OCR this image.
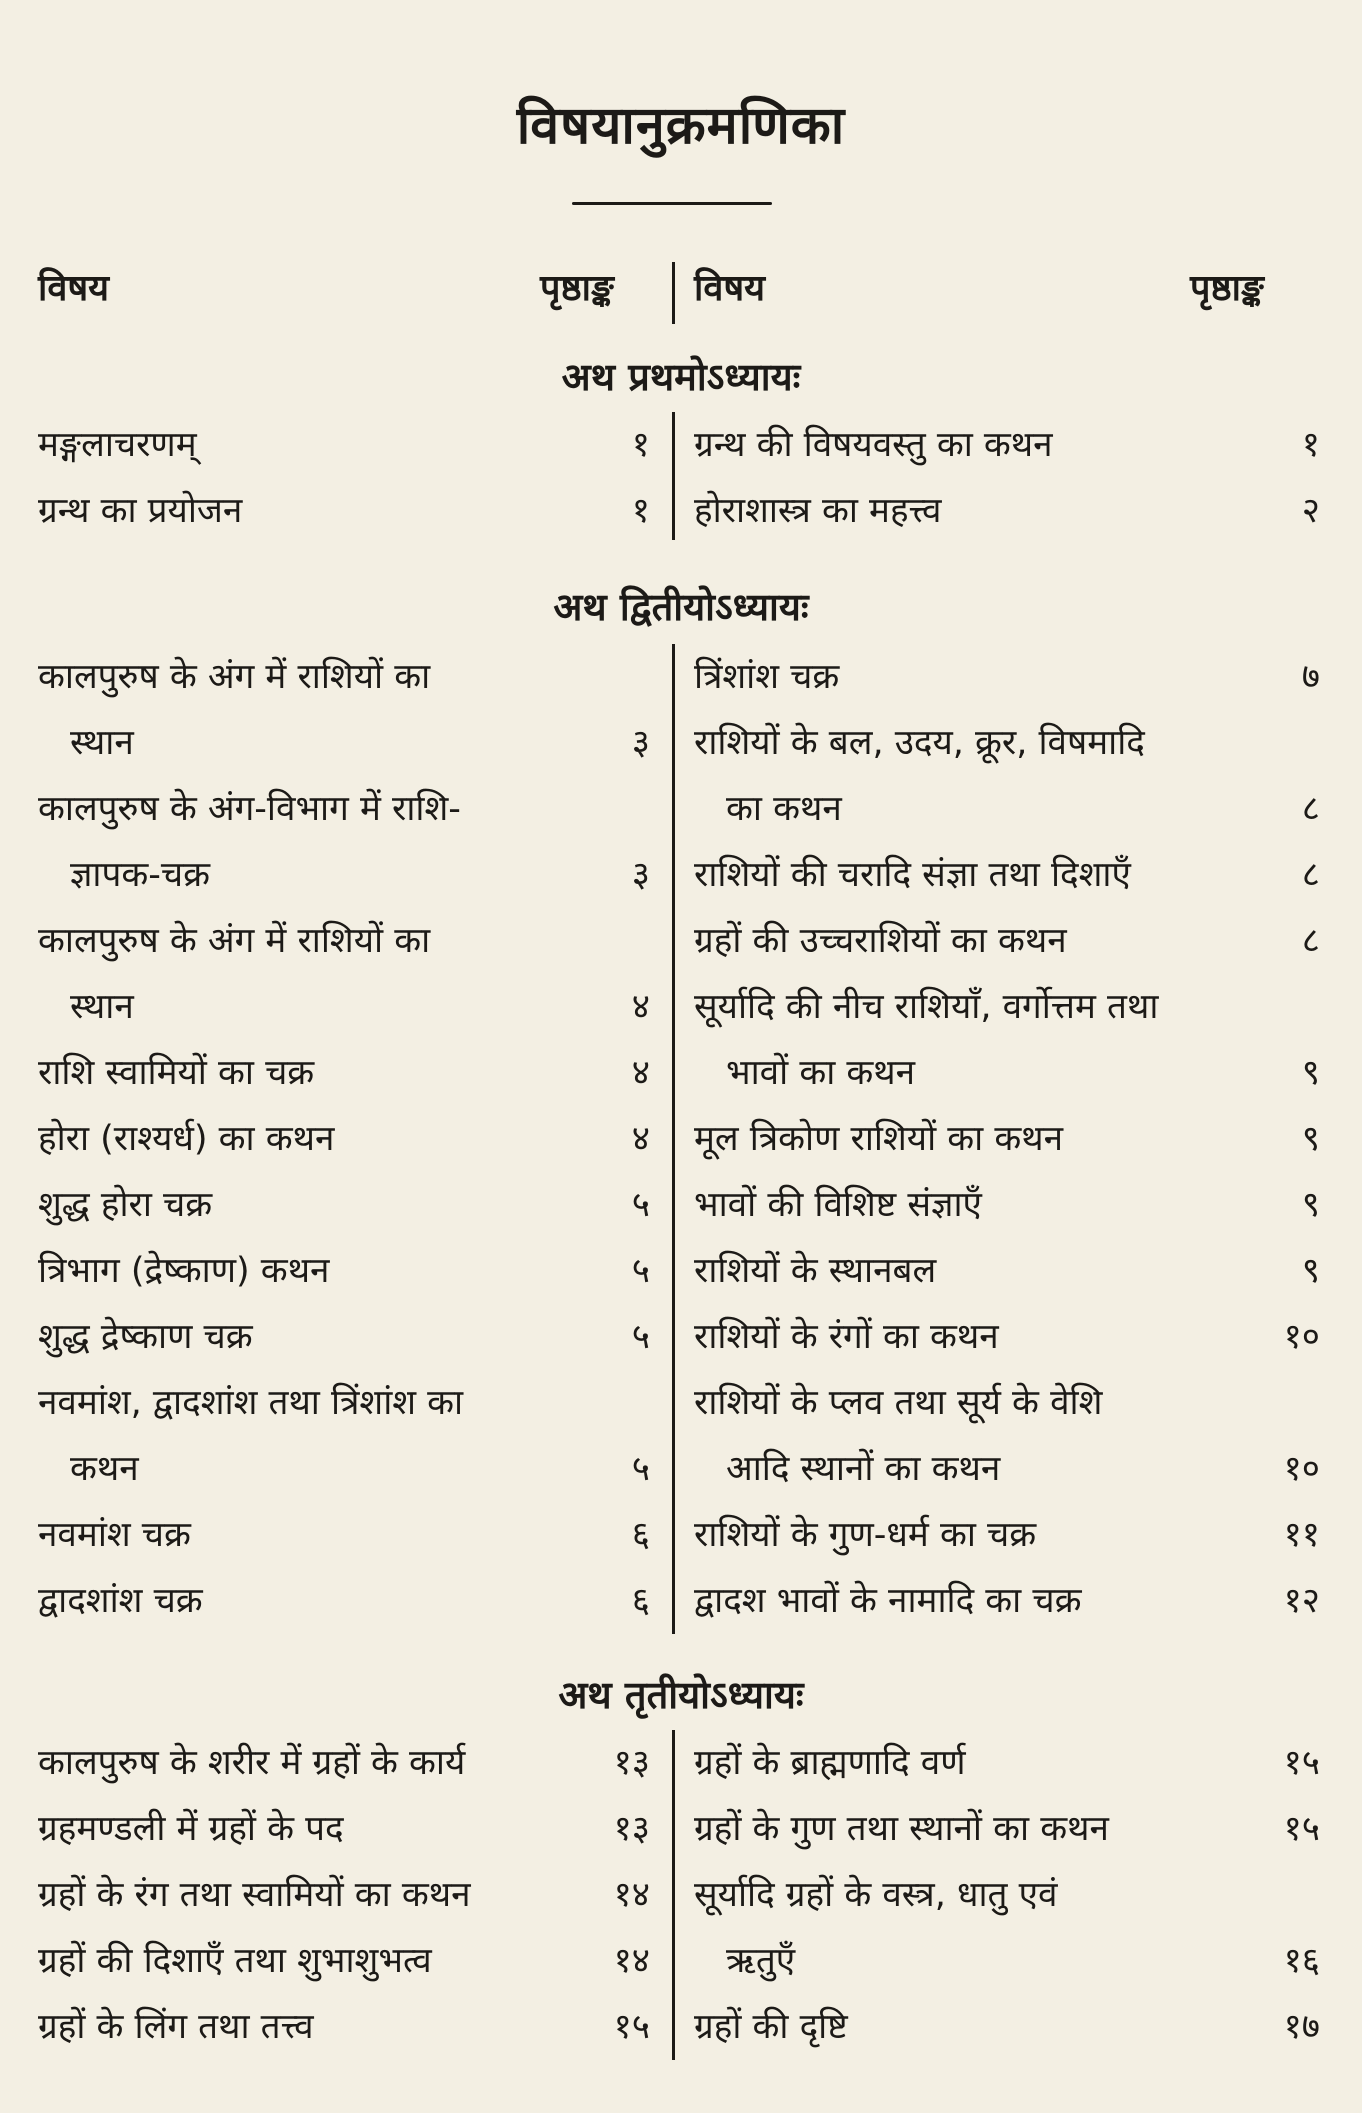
विषयानुक्रमणिका
विषय	पृष्ठाङ्क विषय	पृष्ठाङ्क
अथ प्रथमोऽध्यायः
मङ्गलाचरणम्	१
ग्रन्थ का प्रयोजन	१
ग्रन्थ की विषयवस्तु का कथन	१
होराशास्त्र का महत्त्व	२
अथ द्वितीयोऽध्यायः
कालपुरुष के अंग में राशियों का
स्थान	३
कालपुरुष के अंग-विभाग में राशि-
ज्ञापक-चक्र	३
कालपुरुष के अंग में राशियों का
स्थान	४
राशि स्वामियों का चक्र	४
होरा (राश्यर्ध) का कथन	४
शुद्ध होरा चक्र	५
त्रिभाग (द्रेष्काण) कथन	५
शुद्ध द्रेष्काण चक्र	५
नवमांश, द्वादशांश तथा त्रिंशांश का
कथन	५
नवमांश चक्र	६
द्वादशांश चक्र	६
त्रिंशांश चक्र	७
राशियों के बल, उदय, क्रूर, विषमादि
का कथन	८
राशियों की चरादि संज्ञा तथा दिशाएँ	८
ग्रहों की उच्चराशियों का कथन	८
सूर्यादि की नीच राशियाँ, वर्गोत्तम तथा
भावों का कथन	९
मूल त्रिकोण राशियों का कथन	९
भावों की विशिष्ट संज्ञाएँ	९
राशियों के स्थानबल	९
राशियों के रंगों का कथन	१०
राशियों के प्लव तथा सूर्य के वेशि
आदि स्थानों का कथन	१०
राशियों के गुण-धर्म का चक्र	११
द्वादश भावों के नामादि का चक्र	१२
अथ तृतीयोऽध्यायः
कालपुरुष के शरीर में ग्रहों के कार्य	१३
ग्रहमण्डली में ग्रहों के पद	१३
ग्रहों के रंग तथा स्वामियों का कथन	१४
ग्रहों की दिशाएँ तथा शुभाशुभत्व	१४
ग्रहों के लिंग तथा तत्त्व	१५
ग्रहों के ब्राह्मणादि वर्ण	१५
ग्रहों के गुण तथा स्थानों का कथन	१५
सूर्यादि ग्रहों के वस्त्र, धातु एवं
ऋतुएँ	१६
ग्रहों की दृष्टि	१७
